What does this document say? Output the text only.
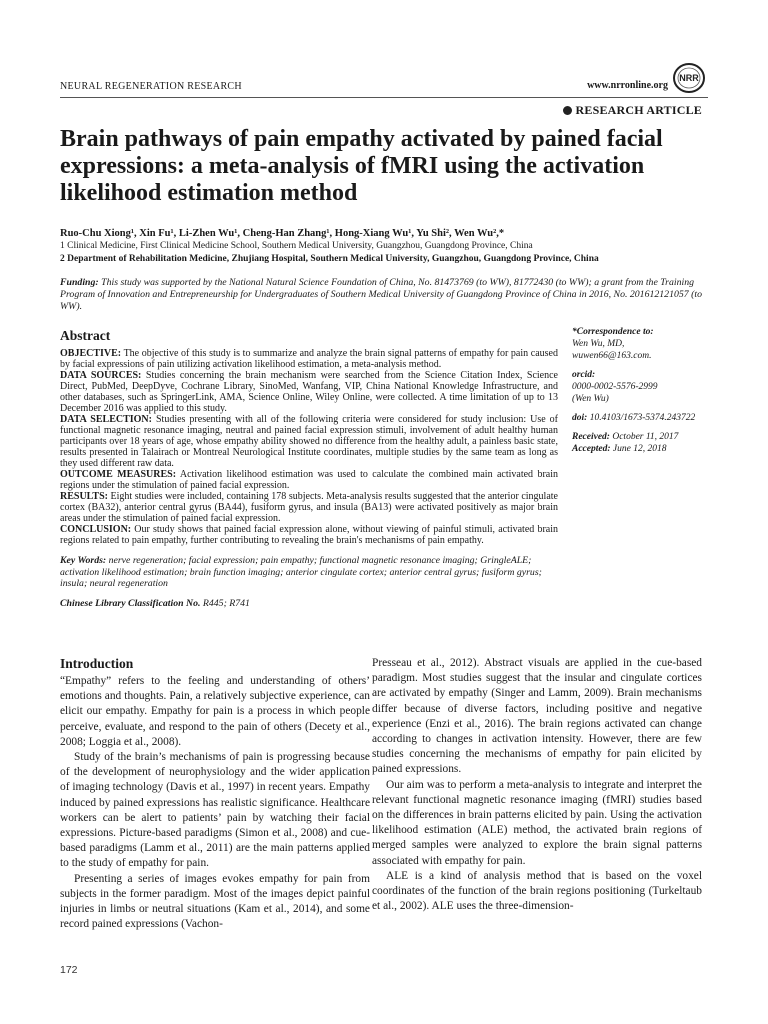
NEURAL REGENERATION RESEARCH	www.nrronline.org
NRR
RESEARCH ARTICLE
Brain pathways of pain empathy activated by pained facial expressions: a meta-analysis of fMRI using the activation likelihood estimation method
Ruo-Chu Xiong¹, Xin Fu¹, Li-Zhen Wu¹, Cheng-Han Zhang¹, Hong-Xiang Wu¹, Yu Shi², Wen Wu²,*
1 Clinical Medicine, First Clinical Medicine School, Southern Medical University, Guangzhou, Guangdong Province, China
2 Department of Rehabilitation Medicine, Zhujiang Hospital, Southern Medical University, Guangzhou, Guangdong Province, China
Funding: This study was supported by the National Natural Science Foundation of China, No. 81473769 (to WW), 81772430 (to WW); a grant from the Training Program of Innovation and Entrepreneurship for Undergraduates of Southern Medical University of Guangdong Province of China in 2016, No. 201612121057 (to WW).
Abstract

OBJECTIVE: The objective of this study is to summarize and analyze the brain signal patterns of empathy for pain caused by facial expressions of pain utilizing activation likelihood estimation, a meta-analysis method.

DATA SOURCES: Studies concerning the brain mechanism were searched from the Science Citation Index, Science Direct, PubMed, DeepDyve, Cochrane Library, SinoMed, Wanfang, VIP, China National Knowledge Infrastructure, and other databases, such as SpringerLink, AMA, Science Online, Wiley Online, were collected. A time limitation of up to 13 December 2016 was applied to this study.

DATA SELECTION: Studies presenting with all of the following criteria were considered for study inclusion: Use of functional magnetic resonance imaging, neutral and pained facial expression stimuli, involvement of adult healthy human participants over 18 years of age, whose empathy ability showed no difference from the healthy adult, a painless basic state, results presented in Talairach or Montreal Neurological Institute coordinates, multiple studies by the same team as long as they used different raw data.

OUTCOME MEASURES: Activation likelihood estimation was used to calculate the combined main activated brain regions under the stimulation of pained facial expression.

RESULTS: Eight studies were included, containing 178 subjects. Meta-analysis results suggested that the anterior cingulate cortex (BA32), anterior central gyrus (BA44), fusiform gyrus, and insula (BA13) were activated positively as major brain areas under the stimulation of pained facial expression.

CONCLUSION: Our study shows that pained facial expression alone, without viewing of painful stimuli, activated brain regions related to pain empathy, further contributing to revealing the brain's mechanisms of pain empathy.

Key Words: nerve regeneration; facial expression; pain empathy; functional magnetic resonance imaging; GringleALE; activation likelihood estimation; brain function imaging; anterior cingulate cortex; anterior central gyrus; fusiform gyrus; insula; neural regeneration
Chinese Library Classification No. R445; R741
*Correspondence to:
Wen Wu, MD,
wuwen66@163.com.
orcid:
0000-0002-5576-2999
(Wen Wu)
doi: 10.4103/1673-5374.243722
Received: October 11, 2017
Accepted: June 12, 2018
Introduction

“Empathy” refers to the feeling and understanding of others’ emotions and thoughts. Pain, a relatively subjective experience, can elicit our empathy. Empathy for pain is a process in which people perceive, evaluate, and respond to the pain of others (Decety et al., 2008; Loggia et al., 2008).

Study of the brain’s mechanisms of pain is progressing because of the development of neurophysiology and the wider application of imaging technology (Davis et al., 1997) in recent years. Empathy induced by pained expressions has realistic significance. Healthcare workers can be alert to patients’ pain by watching their facial expressions. Picture-based paradigms (Simon et al., 2008) and cue-based paradigms (Lamm et al., 2011) are the main patterns applied to the study of empathy for pain.

Presenting a series of images evokes empathy for pain from subjects in the former paradigm. Most of the images depict painful injuries in limbs or neutral situations (Kam et al., 2014), and some record pained expressions (Vachon-

Presseau et al., 2012). Abstract visuals are applied in the cue-based paradigm. Most studies suggest that the insular and cingulate cortices are activated by empathy (Singer and Lamm, 2009). Brain mechanisms differ because of diverse factors, including positive and negative experience (Enzi et al., 2016). The brain regions activated can change according to changes in activation intensity. However, there are few studies concerning the mechanisms of empathy for pain elicited by pained expressions.

Our aim was to perform a meta-analysis to integrate and interpret the relevant functional magnetic resonance imaging (fMRI) studies based on the differences in brain patterns elicited by pain. Using the activation likelihood estimation (ALE) method, the activated brain regions of merged samples were analyzed to explore the brain signal patterns associated with empathy for pain.

ALE is a kind of analysis method that is based on the voxel coordinates of the function of the brain regions positioning (Turkeltaub et al., 2002). ALE uses the three-dimension-

172
